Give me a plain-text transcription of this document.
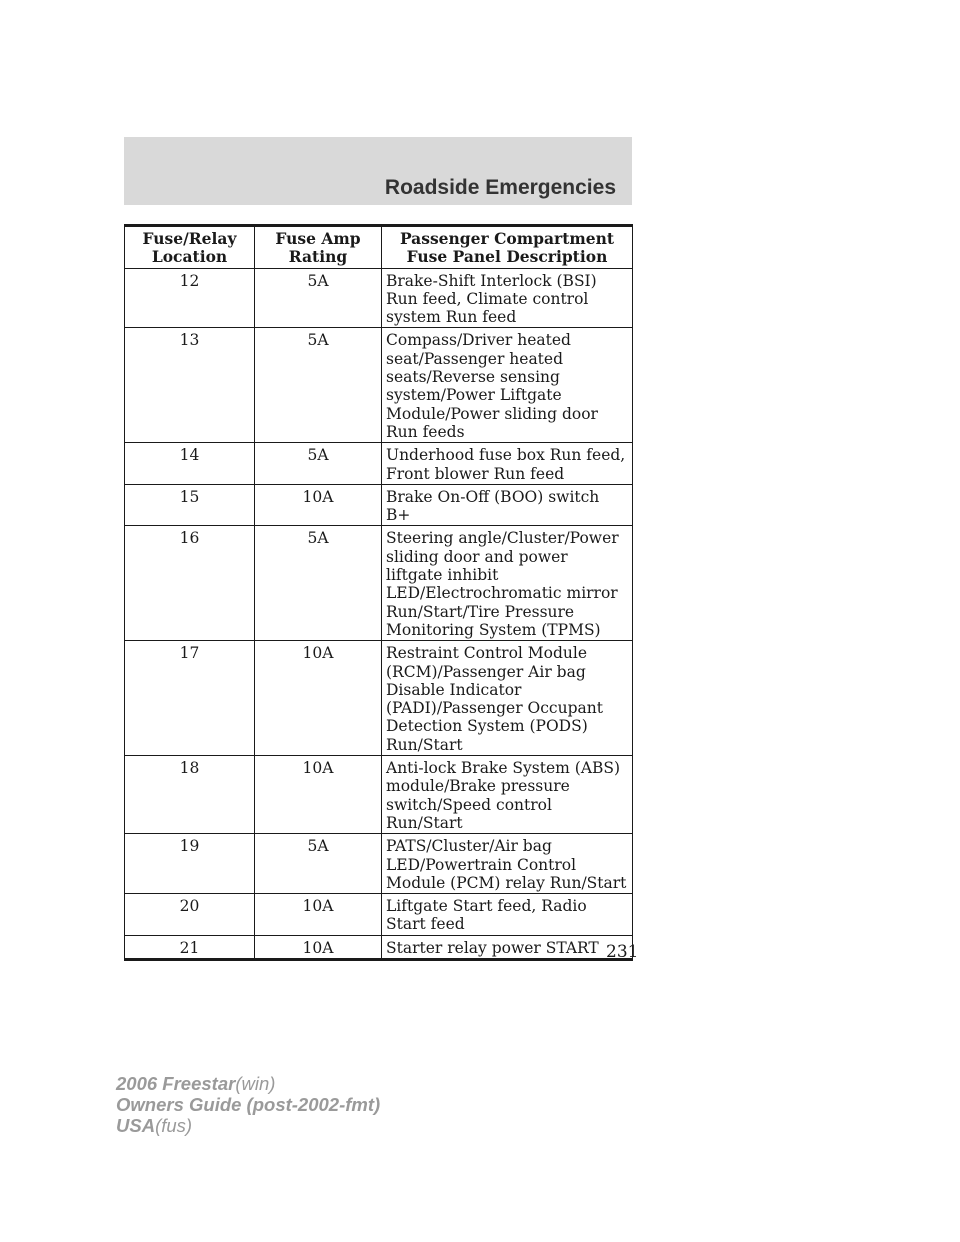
Roadside Emergencies
Fuse/Relay Location	Fuse Amp Rating	Passenger Compartment Fuse Panel Description
12	5A	Brake-Shift Interlock (BSI) Run feed, Climate control system Run feed
13	5A	Compass/Driver heated seat/Passenger heated seats/Reverse sensing system/Power Liftgate Module/Power sliding door Run feeds
14	5A	Underhood fuse box Run feed, Front blower Run feed
15	10A	Brake On-Off (BOO) switch B+
16	5A	Steering angle/Cluster/Power sliding door and power liftgate inhibit LED/Electrochromatic mirror Run/Start/Tire Pressure Monitoring System (TPMS)
17	10A	Restraint Control Module (RCM)/Passenger Air bag Disable Indicator (PADI)/Passenger Occupant Detection System (PODS) Run/Start
18	10A	Anti-lock Brake System (ABS) module/Brake pressure switch/Speed control Run/Start
19	5A	PATS/Cluster/Air bag LED/Powertrain Control Module (PCM) relay Run/Start
20	10A	Liftgate Start feed, Radio Start feed
21	10A	Starter relay power START 231
2006 Freestar(win)
Owners Guide (post-2002-fmt)
USA(fus)
